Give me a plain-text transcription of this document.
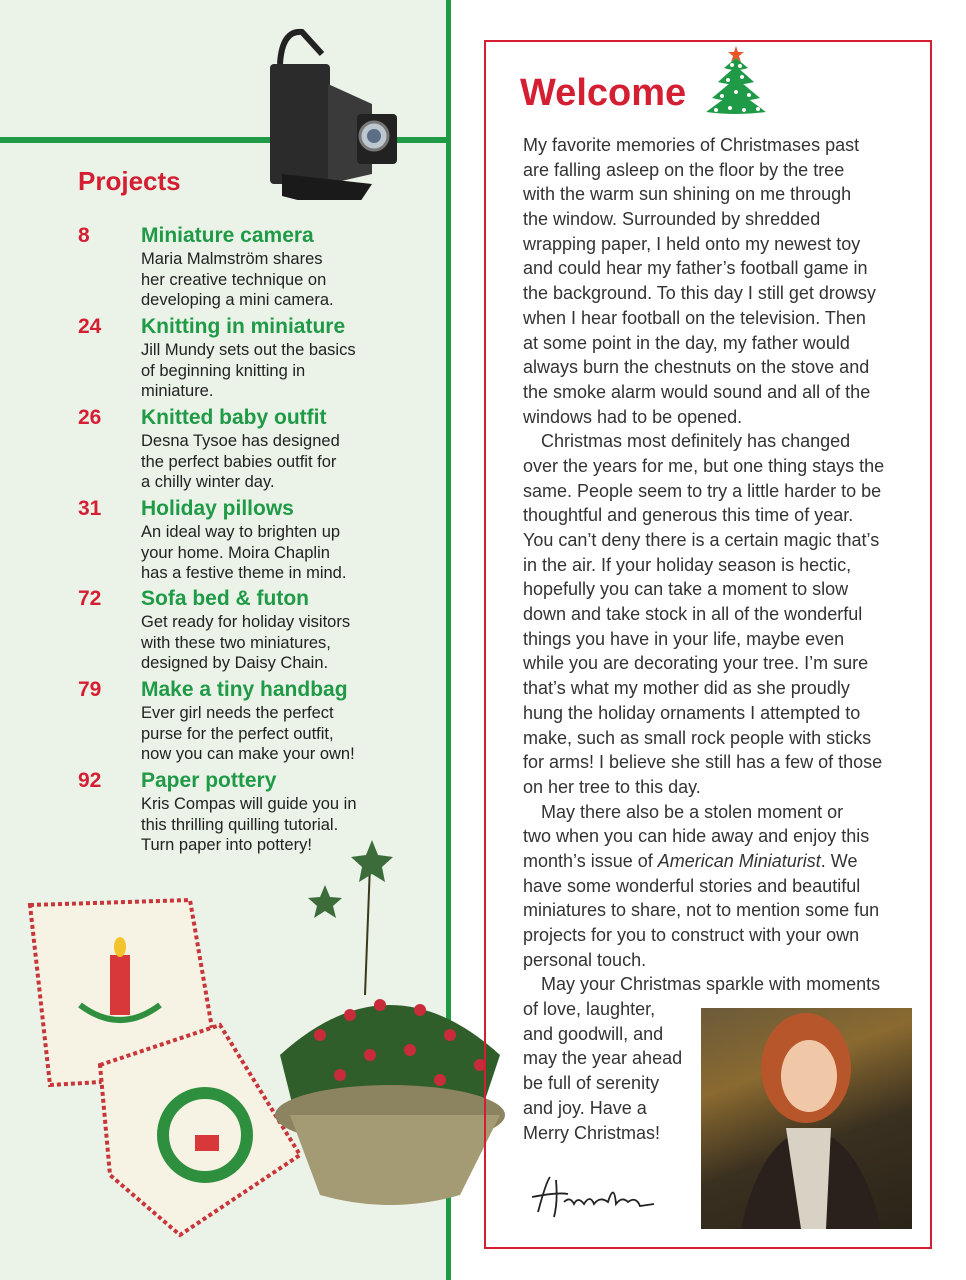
Projects
8 Miniature camera
Maria Malmström shares
her creative technique on
developing a mini camera.
24 Knitting in miniature
Jill Mundy sets out the basics
of beginning knitting in
miniature.
26 Knitted baby outfit
Desna Tysoe has designed
the perfect babies outfit for
a chilly winter day.
31 Holiday pillows
An ideal way to brighten up
your home. Moira Chaplin
has a festive theme in mind.
72 Sofa bed & futon
Get ready for holiday visitors
with these two miniatures,
designed by Daisy Chain.
79 Make a tiny handbag
Ever girl needs the perfect
purse for the perfect outfit,
now you can make your own!
92 Paper pottery
Kris Compas will guide you in
this thrilling quilling tutorial.
Turn paper into pottery!
Welcome
My favorite memories of Christmases past
are falling asleep on the floor by the tree
with the warm sun shining on me through
the window. Surrounded by shredded
wrapping paper, I held onto my newest toy
and could hear my father’s football game in
the background. To this day I still get drowsy
when I hear football on the television. Then
at some point in the day, my father would
always burn the chestnuts on the stove and
the smoke alarm would sound and all of the
windows had to be opened.
Christmas most definitely has changed
over the years for me, but one thing stays the
same. People seem to try a little harder to be
thoughtful and generous this time of year.
You can’t deny there is a certain magic that’s
in the air. If your holiday season is hectic,
hopefully you can take a moment to slow
down and take stock in all of the wonderful
things you have in your life, maybe even
while you are decorating your tree. I’m sure
that’s what my mother did as she proudly
hung the holiday ornaments I attempted to
make, such as small rock people with sticks
for arms! I believe she still has a few of those
on her tree to this day.
May there also be a stolen moment or
two when you can hide away and enjoy this
month’s issue of American Miniaturist. We
have some wonderful stories and beautiful
miniatures to share, not to mention some fun
projects for you to construct with your own
personal touch.
May your Christmas sparkle with moments
of love, laughter,
and goodwill, and
may the year ahead
be full of serenity
and joy. Have a
Merry Christmas!
